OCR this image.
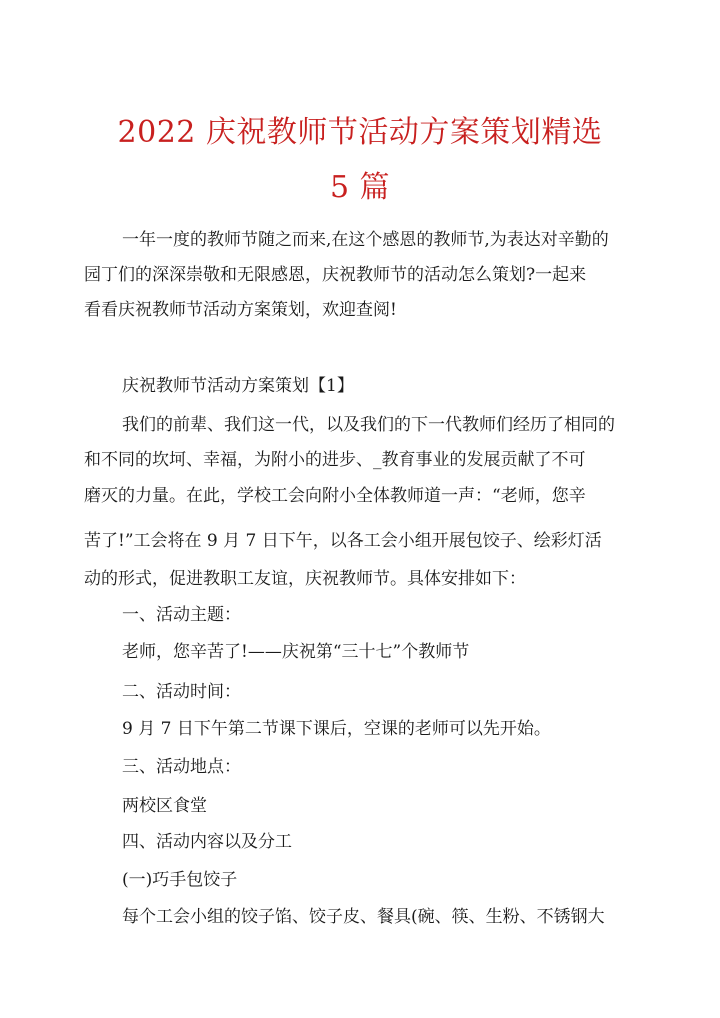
2022 庆祝教师节活动方案策划精选
5 篇
一年一度的教师节随之而来,在这个感恩的教师节,为表达对辛勤的
园丁们的深深崇敬和无限感恩，庆祝教师节的活动怎么策划?一起来
看看庆祝教师节活动方案策划，欢迎查阅!
庆祝教师节活动方案策划【1】
我们的前辈、我们这一代，以及我们的下一代教师们经历了相同的
和不同的坎坷、幸福，为附小的进步、_教育事业的发展贡献了不可
磨灭的力量。在此，学校工会向附小全体教师道一声：“老师，您辛
苦了!”工会将在 9 月 7 日下午，以各工会小组开展包饺子、绘彩灯活
动的形式，促进教职工友谊，庆祝教师节。具体安排如下：
一、活动主题：
老师，您辛苦了!——庆祝第“三十七”个教师节
二、活动时间：
9 月 7 日下午第二节课下课后，空课的老师可以先开始。
三、活动地点：
两校区食堂
四、活动内容以及分工
(一)巧手包饺子
每个工会小组的饺子馅、饺子皮、餐具(碗、筷、生粉、不锈钢大
